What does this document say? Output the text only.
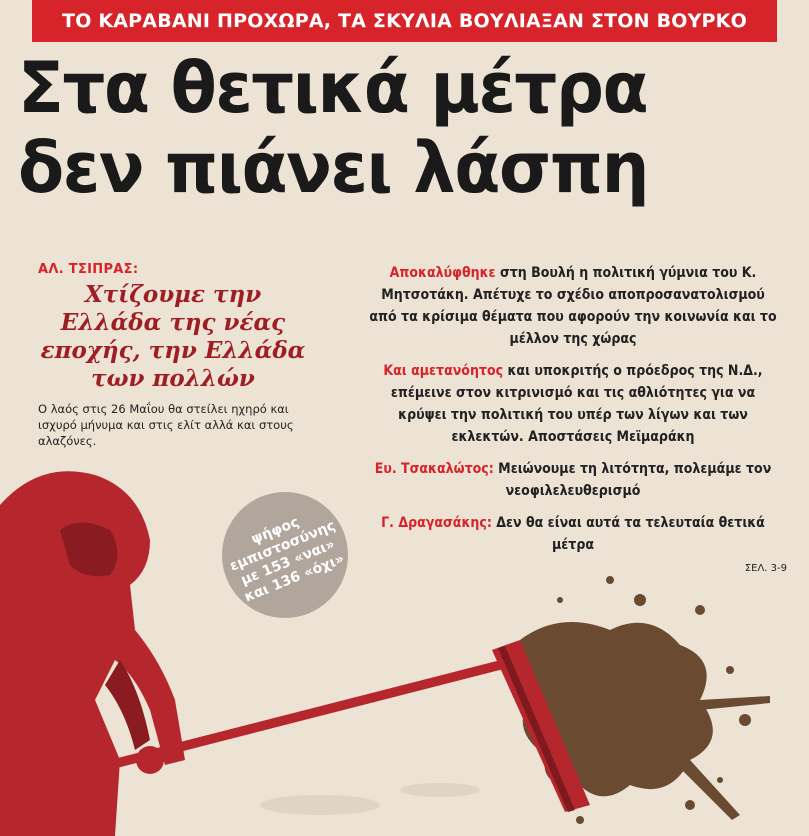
ΤΟ ΚΑΡΑΒΑΝΙ ΠΡΟΧΩΡΑ, ΤΑ ΣΚΥΛΙΑ ΒΟΥΛΙΑΞΑΝ ΣΤΟΝ ΒΟΥΡΚΟ
Στα θετικά μέτρα
δεν πιάνει λάσπη
ΑΛ. ΤΣΙΠΡΑΣ:
Χτίζουμε την Ελλάδα της νέας εποχής, την Ελλάδα των πολλών
Ο λαός στις 26 Μαΐου θα στείλει ηχηρό και ισχυρό μήνυμα και στις ελίτ αλλά και στους αλαζόνες.
Αποκαλύφθηκε στη Βουλή η πολιτική γύμνια του Κ. Μητσοτάκη. Απέτυχε το σχέδιο αποπροσανατολισμού από τα κρίσιμα θέματα που αφορούν την κοινωνία και το μέλλον της χώρας
Και αμετανόητος και υποκριτής ο πρόεδρος της Ν.Δ., επέμεινε στον κιτρινισμό και τις αθλιότητες για να κρύψει την πολιτική του υπέρ των λίγων και των εκλεκτών. Αποστάσεις Μεϊμαράκη
Ευ. Τσακαλώτος: Μειώνουμε τη λιτότητα, πολεμάμε τον νεοφιλελευθερισμό
Γ. Δραγασάκης: Δεν θα είναι αυτά τα τελευταία θετικά μέτρα
ΣΕΛ. 3-9
ψήφος εμπιστοσύνης με 153 «ναι» και 136 «όχι»
